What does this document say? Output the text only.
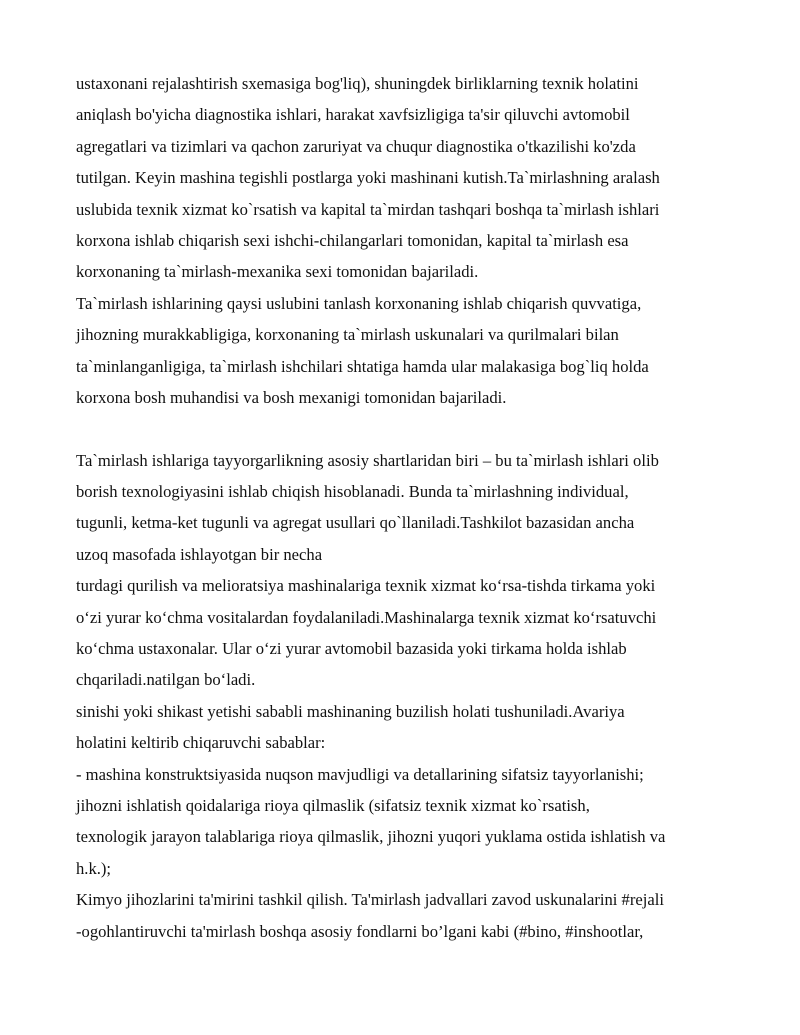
ustaxonani rejalashtirish sxemasiga bog'liq), shuningdek birliklarning texnik holatini
aniqlash bo'yicha diagnostika ishlari, harakat xavfsizligiga ta'sir qiluvchi avtomobil
agregatlari va tizimlari va qachon zaruriyat va chuqur diagnostika o'tkazilishi ko'zda
tutilgan. Keyin mashina tegishli postlarga yoki mashinani kutish.Ta`mirlashning aralash
uslubida texnik xizmat ko`rsatish va kapital ta`mirdan tashqari boshqa ta`mirlash ishlari
korxona ishlab chiqarish sexi ishchi-chilangarlari tomonidan, kapital ta`mirlash esa
korxonaning ta`mirlash-mexanika sexi tomonidan bajariladi.
Ta`mirlash ishlarining qaysi uslubini tanlash korxonaning ishlab chiqarish quvvatiga,
jihozning murakkabligiga, korxonaning ta`mirlash uskunalari va qurilmalari bilan
ta`minlanganligiga, ta`mirlash ishchilari shtatiga hamda ular malakasiga bog`liq holda
korxona bosh muhandisi va bosh mexanigi tomonidan bajariladi.
Ta`mirlash ishlariga tayyorgarlikning asosiy shartlaridan biri – bu ta`mirlash ishlari olib
borish texnologiyasini ishlab chiqish hisoblanadi. Bunda ta`mirlashning individual,
tugunli, ketma-ket tugunli va agregat usullari qo`llaniladi.Tashkilot bazasidan ancha
uzoq masofada ishlayotgan bir necha
turdagi qurilish va melioratsiya mashinalariga texnik xizmat ko‘rsa-tishda tirkama yoki
o‘zi yurar ko‘chma vositalardan foydalaniladi.Mashinalarga texnik xizmat ko‘rsatuvchi
ko‘chma ustaxonalar. Ular o‘zi yurar avtomobil bazasida yoki tirkama holda ishlab
chqariladi.natilgan bo‘ladi.
sinishi yoki shikast yetishi sababli mashinaning buzilish holati tushuniladi.Avariya
holatini keltirib chiqaruvchi sabablar:
- mashina konstruktsiyasida nuqson mavjudligi va detallarining sifatsiz tayyorlanishi;
jihozni ishlatish qoidalariga rioya qilmaslik (sifatsiz texnik xizmat ko`rsatish,
texnologik jarayon talablariga rioya qilmaslik, jihozni yuqori yuklama ostida ishlatish va
h.k.);
Kimyo jihozlarini ta'mirini tashkil qilish. Ta'mirlash jadvallari zavod uskunalarini #rejali
-ogohlantiruvchi ta'mirlash boshqa asosiy fondlarni bo’lgani kabi (#bino, #inshootlar,
